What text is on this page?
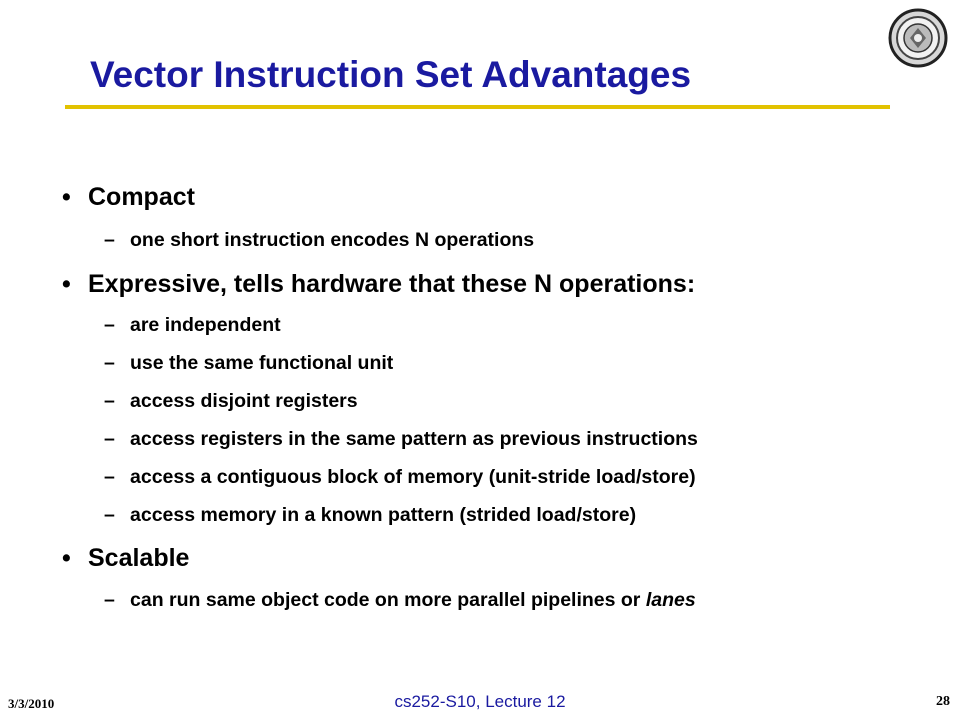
Vector Instruction Set Advantages
• Compact
– one short instruction encodes N operations
• Expressive, tells hardware that these N operations:
– are independent
– use the same functional unit
– access disjoint registers
– access registers in the same pattern as previous instructions
– access a contiguous block of memory (unit-stride load/store)
– access memory in a known pattern (strided load/store)
• Scalable
– can run same object code on more parallel pipelines or lanes
3/3/2010	cs252-S10, Lecture 12	28
